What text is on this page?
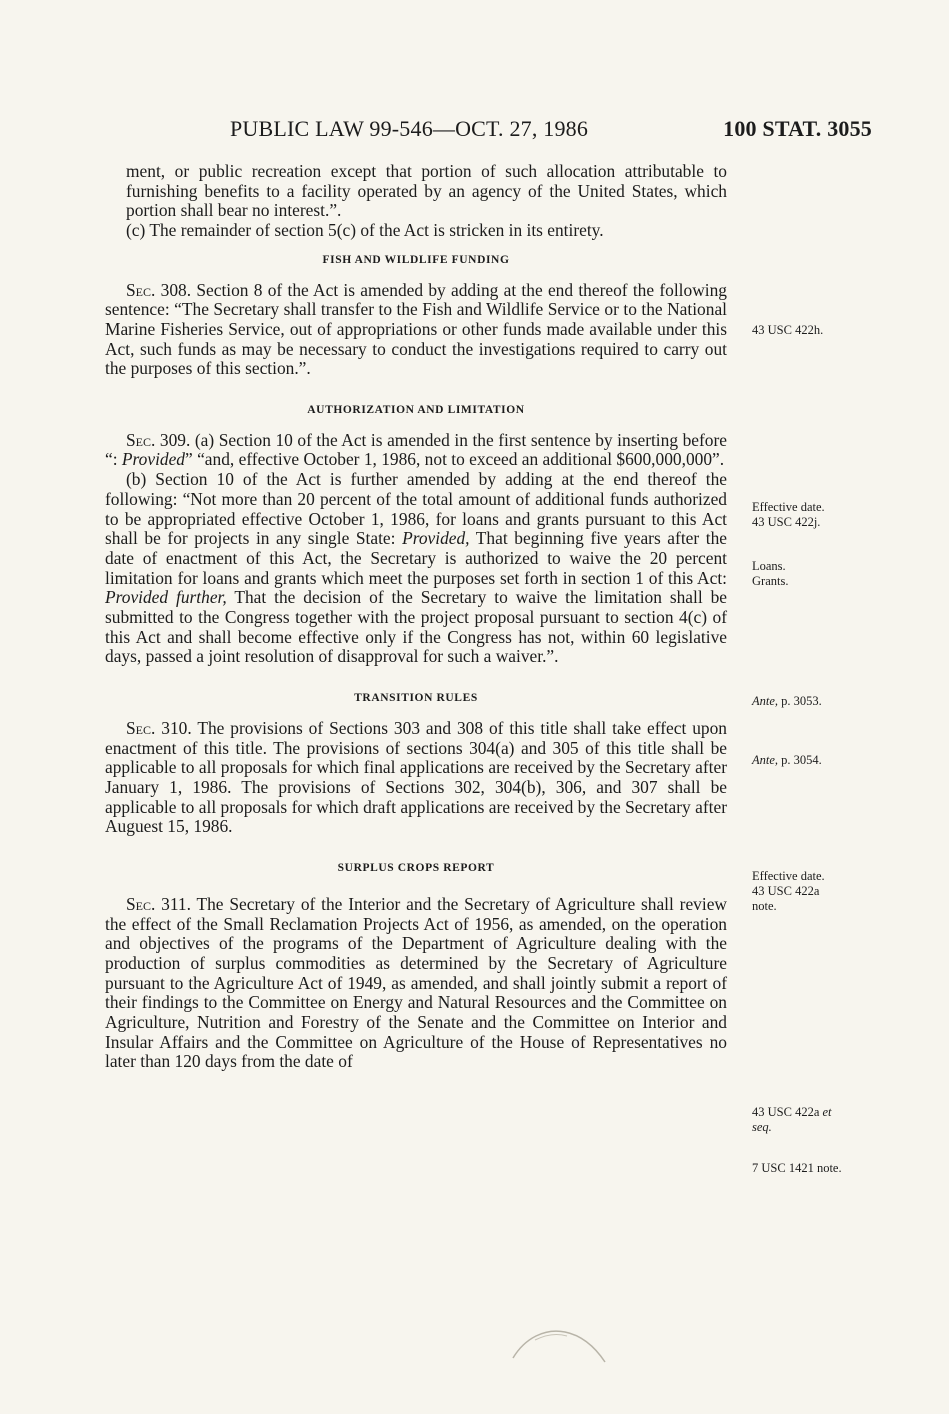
PUBLIC LAW 99-546—OCT. 27, 1986	100 STAT. 3055

ment, or public recreation except that portion of such allocation attributable to furnishing benefits to a facility operated by an agency of the United States, which portion shall bear no interest.”.

(c) The remainder of section 5(c) of the Act is stricken in its entirety.

FISH AND WILDLIFE FUNDING

Sec. 308. Section 8 of the Act is amended by adding at the end thereof the following sentence: “The Secretary shall transfer to the Fish and Wildlife Service or to the National Marine Fisheries Service, out of appropriations or other funds made available under this Act, such funds as may be necessary to conduct the investigations required to carry out the purposes of this section.”.

AUTHORIZATION AND LIMITATION

Sec. 309. (a) Section 10 of the Act is amended in the first sentence by inserting before “: Provided” “and, effective October 1, 1986, not to exceed an additional $600,000,000”.

(b) Section 10 of the Act is further amended by adding at the end thereof the following: “Not more than 20 percent of the total amount of additional funds authorized to be appropriated effective October 1, 1986, for loans and grants pursuant to this Act shall be for projects in any single State: Provided, That beginning five years after the date of enactment of this Act, the Secretary is authorized to waive the 20 percent limitation for loans and grants which meet the purposes set forth in section 1 of this Act: Provided further, That the decision of the Secretary to waive the limitation shall be submitted to the Congress together with the project proposal pursuant to section 4(c) of this Act and shall become effective only if the Congress has not, within 60 legislative days, passed a joint resolution of disapproval for such a waiver.”.

TRANSITION RULES

Sec. 310. The provisions of Sections 303 and 308 of this title shall take effect upon enactment of this title. The provisions of sections 304(a) and 305 of this title shall be applicable to all proposals for which final applications are received by the Secretary after January 1, 1986. The provisions of Sections 302, 304(b), 306, and 307 shall be applicable to all proposals for which draft applications are received by the Secretary after Auguest 15, 1986.

SURPLUS CROPS REPORT

Sec. 311. The Secretary of the Interior and the Secretary of Agriculture shall review the effect of the Small Reclamation Projects Act of 1956, as amended, on the operation and objectives of the programs of the Department of Agriculture dealing with the production of surplus commodities as determined by the Secretary of Agriculture pursuant to the Agriculture Act of 1949, as amended, and shall jointly submit a report of their findings to the Committee on Energy and Natural Resources and the Committee on Agriculture, Nutrition and Forestry of the Senate and the Committee on Interior and Insular Affairs and the Committee on Agriculture of the House of Representatives no later than 120 days from the date of

43 USC 422h.
Effective date.
43 USC 422j.
Loans.
Grants.
Ante, p. 3053.
Ante, p. 3054.
Effective date.
43 USC 422a
note.
43 USC 422a et
seq.
7 USC 1421 note.
